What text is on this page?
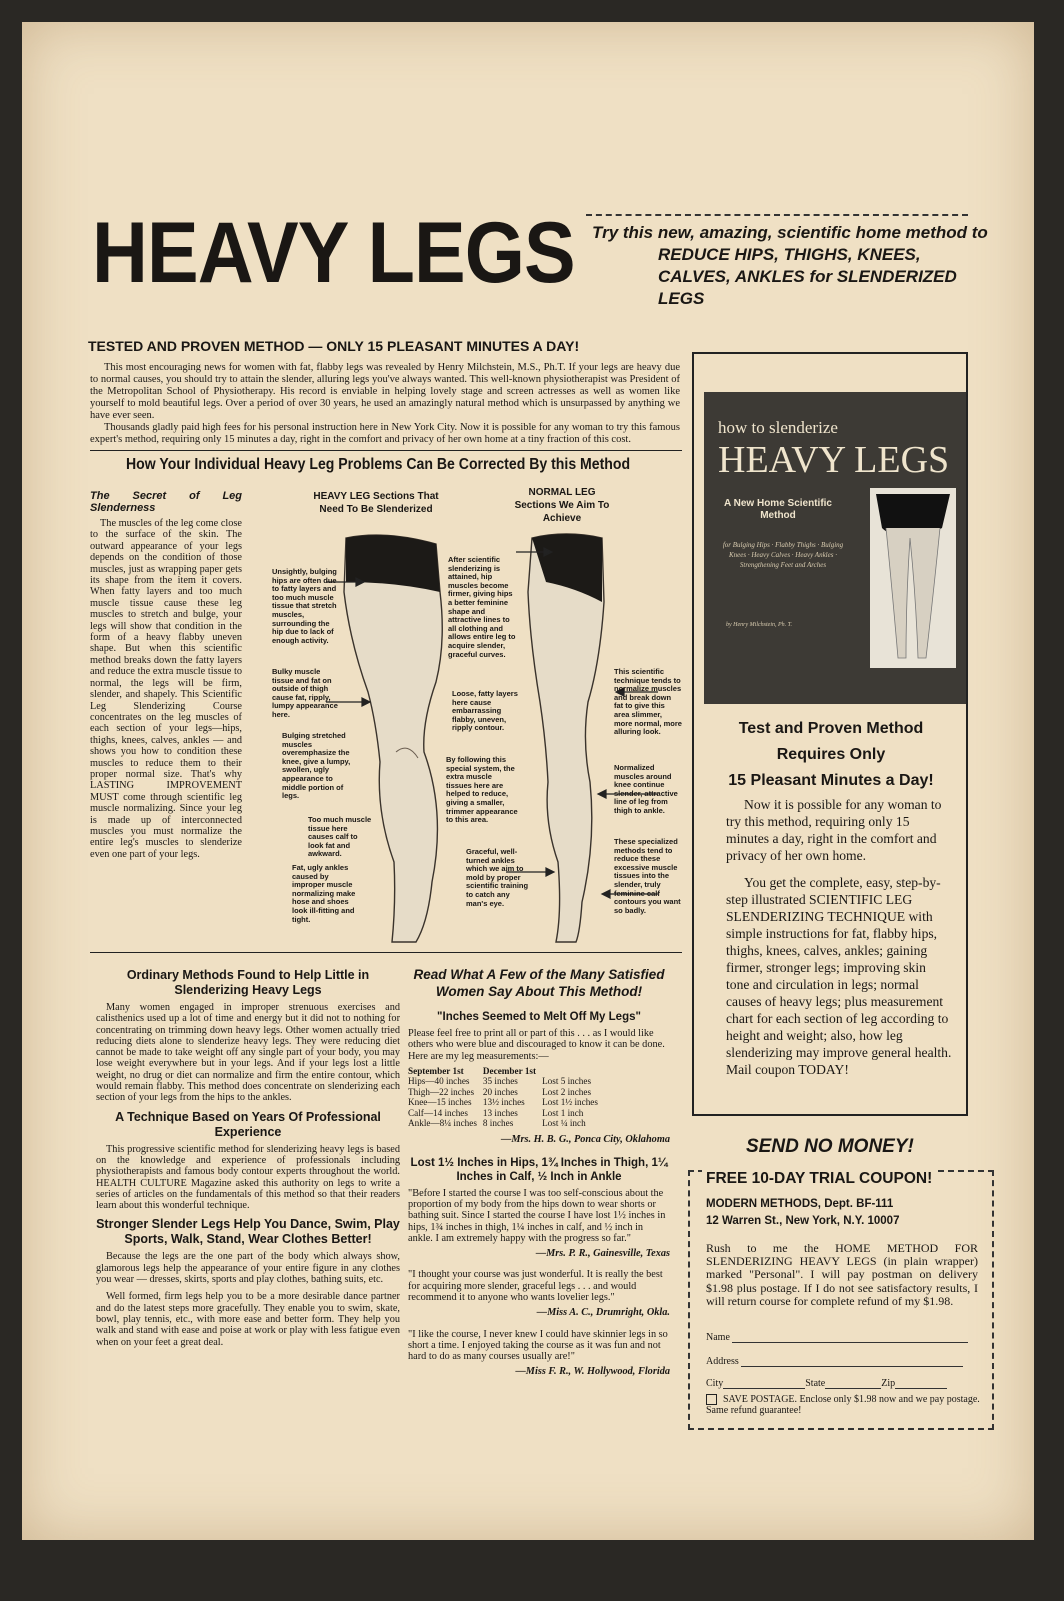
HEAVY LEGS Try this new, amazing, scientific home method to
REDUCE HIPS, THIGHS, KNEES, CALVES, ANKLES for SLENDERIZED LEGS
TESTED AND PROVEN METHOD — ONLY 15 PLEASANT MINUTES A DAY!

This most encouraging news for women with fat, flabby legs was revealed by Henry Milchstein, M.S., Ph.T. If your legs are heavy due to normal causes, you should try to attain the slender, alluring legs you've always wanted. This well-known physiotherapist was President of the Metropolitan School of Physiotherapy. His record is enviable in helping lovely stage and screen actresses as well as women like yourself to mold beautiful legs. Over a period of over 30 years, he used an amazingly natural method which is unsurpassed by anything we have ever seen.

Thousands gladly paid high fees for his personal instruction here in New York City. Now it is possible for any woman to try this famous expert's method, requiring only 15 minutes a day, right in the comfort and privacy of her own home at a tiny fraction of this cost.

How Your Individual Heavy Leg Problems Can Be Corrected By this Method
The Secret of Leg Slenderness

The muscles of the leg come close to the surface of the skin. The outward appearance of your legs depends on the condition of those muscles, just as wrapping paper gets its shape from the item it covers. When fatty layers and too much muscle tissue cause these leg muscles to stretch and bulge, your legs will show that condition in the form of a heavy flabby uneven shape. But when this scientific method breaks down the fatty layers and reduce the extra muscle tissue to normal, the legs will be firm, slender, and shapely. This Scientific Leg Slenderizing Course concentrates on the leg muscles of each section of your legs—hips, thighs, knees, calves, ankles — and shows you how to condition these muscles to reduce them to their proper normal size. That's why LASTING IMPROVEMENT MUST come through scientific leg muscle normalizing. Since your leg is made up of interconnected muscles you must normalize the entire leg's muscles to slenderize even one part of your legs.

HEAVY LEG Sections That Need To Be Slenderized
NORMAL LEG Sections We Aim To Achieve
Unsightly, bulging hips are often due to fatty layers and too much muscle tissue that stretch muscles, surrounding the hip due to lack of enough activity.
Bulky muscle tissue and fat on outside of thigh cause fat, ripply, lumpy appearance here.
Bulging stretched muscles overemphasize the knee, give a lumpy, swollen, ugly appearance to middle portion of legs.
Too much muscle tissue here causes calf to look fat and awkward.
Fat, ugly ankles caused by improper muscle normalizing make hose and shoes look ill-fitting and tight.
After scientific slenderizing is attained, hip muscles become firmer, giving hips a better feminine shape and attractive lines to all clothing and allows entire leg to acquire slender, graceful curves.
Loose, fatty layers here cause embarrassing flabby, uneven, ripply contour.
By following this special system, the extra muscle tissues here are helped to reduce, giving a smaller, trimmer appearance to this area.
Graceful, well-turned ankles which we aim to mold by proper scientific training to catch any man's eye.
This scientific technique tends to normalize muscles and break down fat to give this area slimmer, more normal, more alluring look.
Normalized muscles around knee continue slender, attractive line of leg from thigh to ankle.
These specialized methods tend to reduce these excessive muscle tissues into the slender, truly feminine calf contours you want so badly.
Ordinary Methods Found to Help Little in Slenderizing Heavy Legs

Many women engaged in improper strenuous exercises and calisthenics used up a lot of time and energy but it did not to nothing for concentrating on trimming down heavy legs. Other women actually tried reducing diets alone to slenderize heavy legs. They were reducing diet cannot be made to take weight off any single part of your body, you may lose weight everywhere but in your legs. And if your legs lost a little weight, no drug or diet can normalize and firm the entire contour, which would remain flabby. This method does concentrate on slenderizing each section of your legs from the hips to the ankles.

A Technique Based on Years Of Professional Experience

This progressive scientific method for slenderizing heavy legs is based on the knowledge and experience of professionals including physiotherapists and famous body contour experts throughout the world. HEALTH CULTURE Magazine asked this authority on legs to write a series of articles on the fundamentals of this method so that their readers learn about this wonderful technique.

Stronger Slender Legs Help You Dance, Swim, Play Sports, Walk, Stand, Wear Clothes Better!

Because the legs are the one part of the body which always show, glamorous legs help the appearance of your entire figure in any clothes you wear — dresses, skirts, sports and play clothes, bathing suits, etc.

Well formed, firm legs help you to be a more desirable dance partner and do the latest steps more gracefully. They enable you to swim, skate, bowl, play tennis, etc., with more ease and better form. They help you walk and stand with ease and poise at work or play with less fatigue even when on your feet a great deal.

Read What A Few of the Many Satisfied Women Say About This Method!
"Inches Seemed to Melt Off My Legs"

Please feel free to print all or part of this . . . as I would like others who were blue and discouraged to know it can be done. Here are my leg measurements:—

September 1st	December 1st	
Hips—40 inches	35 inches	Lost 5 inches
Thigh—22 inches	20 inches	Lost 2 inches
Knee—15 inches	13½ inches	Lost 1½ inches
Calf—14 inches	13 inches	Lost 1 inch
Ankle—8¼ inches	8 inches	Lost ¼ inch

—Mrs. H. B. G., Ponca City, Oklahoma

Lost 1½ Inches in Hips, 1¾ Inches in Thigh, 1¼ Inches in Calf, ½ Inch in Ankle

"Before I started the course I was too self-conscious about the proportion of my body from the hips down to wear shorts or bathing suit. Since I started the course I have lost 1½ inches in hips, 1¾ inches in thigh, 1¼ inches in calf, and ½ inch in ankle. I am extremely happy with the progress so far."

—Mrs. P. R., Gainesville, Texas

"I thought your course was just wonderful. It is really the best for acquiring more slender, graceful legs . . . and would recommend it to anyone who wants lovelier legs."

—Miss A. C., Drumright, Okla.

"I like the course, I never knew I could have skinnier legs in so short a time. I enjoyed taking the course as it was fun and not hard to do as many courses usually are!"

—Miss F. R., W. Hollywood, Florida

how to slenderize
HEAVY LEGS
A New Home Scientific Method
for Bulging Hips · Flabby Thighs · Bulging Knees · Heavy Calves · Heavy Ankles · Strengthening Feet and Arches
by Henry Milchstein, Ph. T.
Test and Proven Method
Requires Only
15 Pleasant Minutes a Day!

Now it is possible for any woman to try this method, requiring only 15 minutes a day, right in the comfort and privacy of her own home.

You get the complete, easy, step-by-step illustrated SCIENTIFIC LEG SLENDERIZING TECHNIQUE with simple instructions for fat, flabby hips, thighs, knees, calves, ankles; gaining firmer, stronger legs; improving skin tone and circulation in legs; normal causes of heavy legs; plus measurement chart for each section of leg according to height and weight; also, how leg slenderizing may improve general health. Mail coupon TODAY!

SEND NO MONEY!
FREE 10-DAY TRIAL COUPON!
MODERN METHODS, Dept. BF-111
12 Warren St., New York, N.Y. 10007
Rush to me the HOME METHOD FOR SLENDERIZING HEAVY LEGS (in plain wrapper) marked "Personal". I will pay postman on delivery $1.98 plus postage. If I do not see satisfactory results, I will return course for complete refund of my $1.98.
Name
Address
City	State	Zip
SAVE POSTAGE. Enclose only $1.98 now and we pay postage. Same refund guarantee!
